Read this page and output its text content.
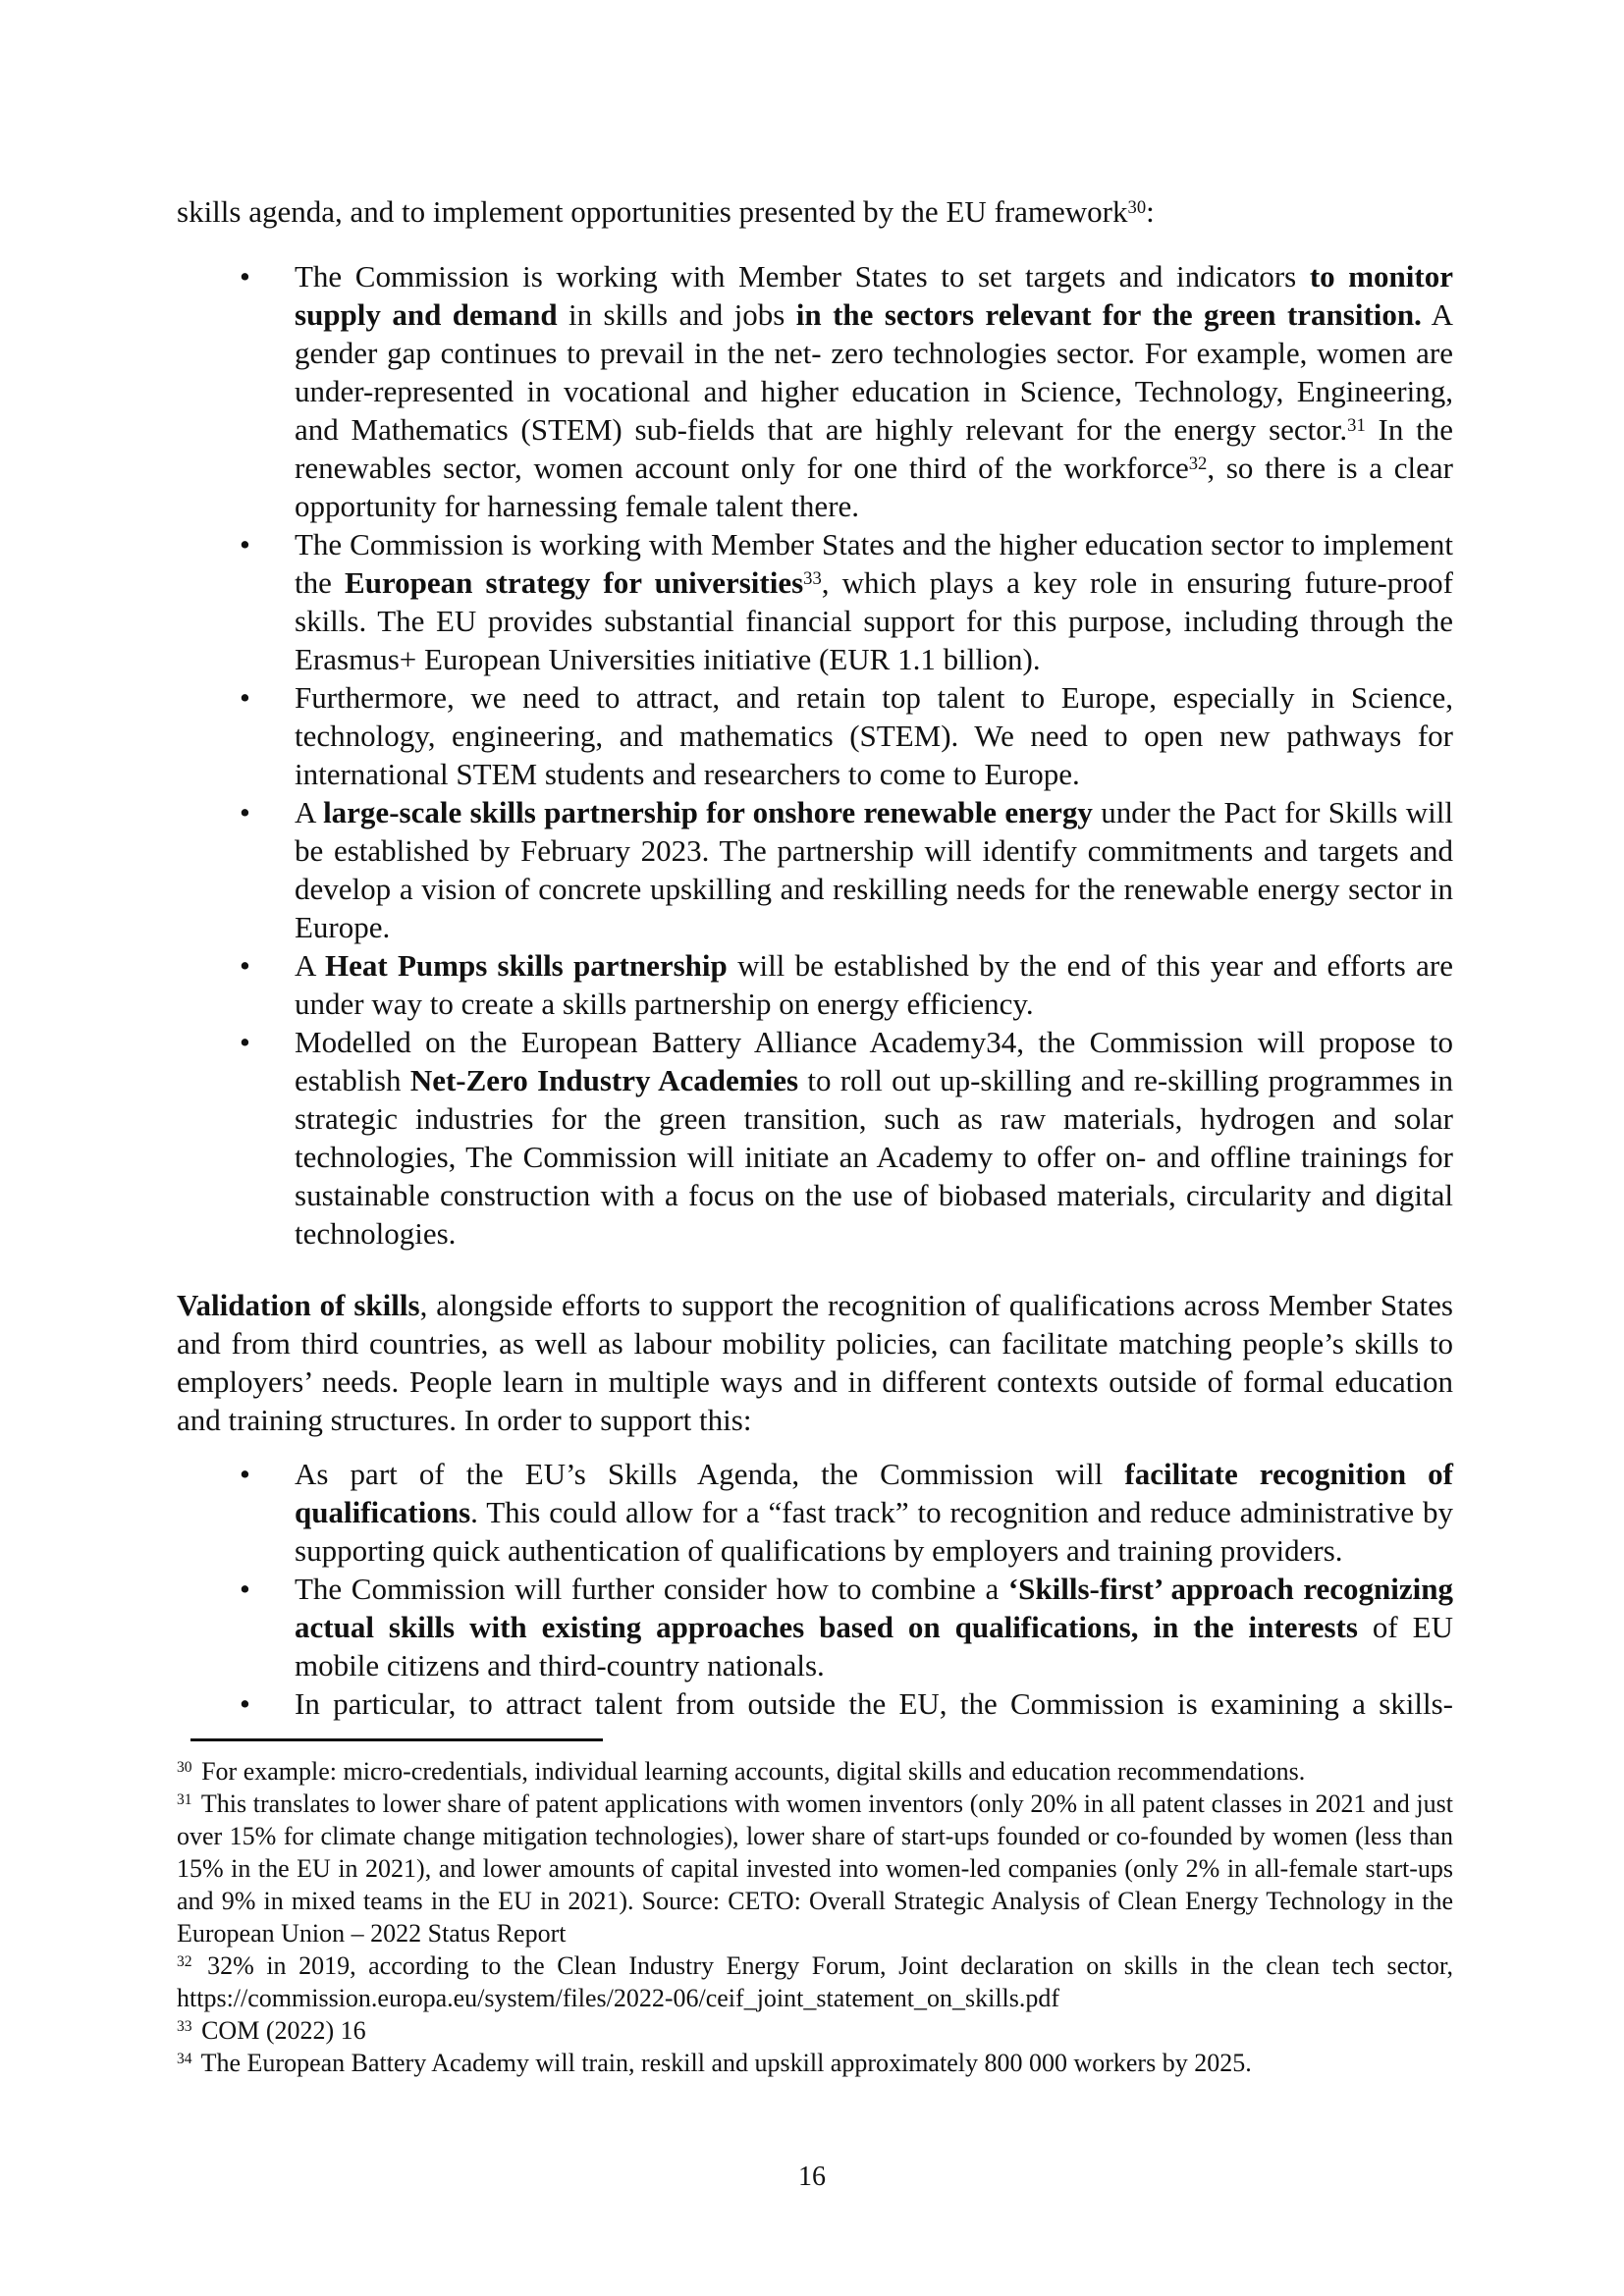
skills agenda, and to implement opportunities presented by the EU framework$^{30}$:

• The Commission is working with Member States to set targets and indicators to monitor supply and demand in skills and jobs in the sectors relevant for the green transition. A gender gap continues to prevail in the net- zero technologies sector. For example, women are under-represented in vocational and higher education in Science, Technology, Engineering, and Mathematics (STEM) sub-fields that are highly relevant for the energy sector.$^{31}$ In the renewables sector, women account only for one third of the workforce$^{32}$, so there is a clear opportunity for harnessing female talent there.
• The Commission is working with Member States and the higher education sector to implement the European strategy for universities$^{33}$, which plays a key role in ensuring future-proof skills. The EU provides substantial financial support for this purpose, including through the Erasmus+ European Universities initiative (EUR 1.1 billion).
• Furthermore, we need to attract, and retain top talent to Europe, especially in Science, technology, engineering, and mathematics (STEM). We need to open new pathways for international STEM students and researchers to come to Europe.
• A large-scale skills partnership for onshore renewable energy under the Pact for Skills will be established by February 2023. The partnership will identify commitments and targets and develop a vision of concrete upskilling and reskilling needs for the renewable energy sector in Europe.
• A Heat Pumps skills partnership will be established by the end of this year and efforts are under way to create a skills partnership on energy efficiency.
• Modelled on the European Battery Alliance Academy34, the Commission will propose to establish Net-Zero Industry Academies to roll out up-skilling and re-skilling programmes in strategic industries for the green transition, such as raw materials, hydrogen and solar technologies, The Commission will initiate an Academy to offer on- and offline trainings for sustainable construction with a focus on the use of biobased materials, circularity and digital technologies.

Validation of skills, alongside efforts to support the recognition of qualifications across Member States and from third countries, as well as labour mobility policies, can facilitate matching people’s skills to employers’ needs. People learn in multiple ways and in different contexts outside of formal education and training structures. In order to support this:

• As part of the EU’s Skills Agenda, the Commission will facilitate recognition of qualifications. This could allow for a “fast track” to recognition and reduce administrative by supporting quick authentication of qualifications by employers and training providers.
• The Commission will further consider how to combine a ‘Skills-first’ approach recognizing actual skills with existing approaches based on qualifications, in the interests of EU mobile citizens and third-country nationals.
• In particular, to attract talent from outside the EU, the Commission is examining a skills-

$^{30}$ For example: micro-credentials, individual learning accounts, digital skills and education recommendations.

$^{31}$ This translates to lower share of patent applications with women inventors (only 20% in all patent classes in 2021 and just over 15% for climate change mitigation technologies), lower share of start-ups founded or co-founded by women (less than 15% in the EU in 2021), and lower amounts of capital invested into women-led companies (only 2% in all-female start-ups and 9% in mixed teams in the EU in 2021). Source: CETO: Overall Strategic Analysis of Clean Energy Technology in the European Union – 2022 Status Report

$^{32}$ 32% in 2019, according to the Clean Industry Energy Forum, Joint declaration on skills in the clean tech sector, https://commission.europa.eu/system/files/2022-06/ceif_joint_statement_on_skills.pdf

$^{33}$ COM (2022) 16

$^{34}$ The European Battery Academy will train, reskill and upskill approximately 800 000 workers by 2025.

16
